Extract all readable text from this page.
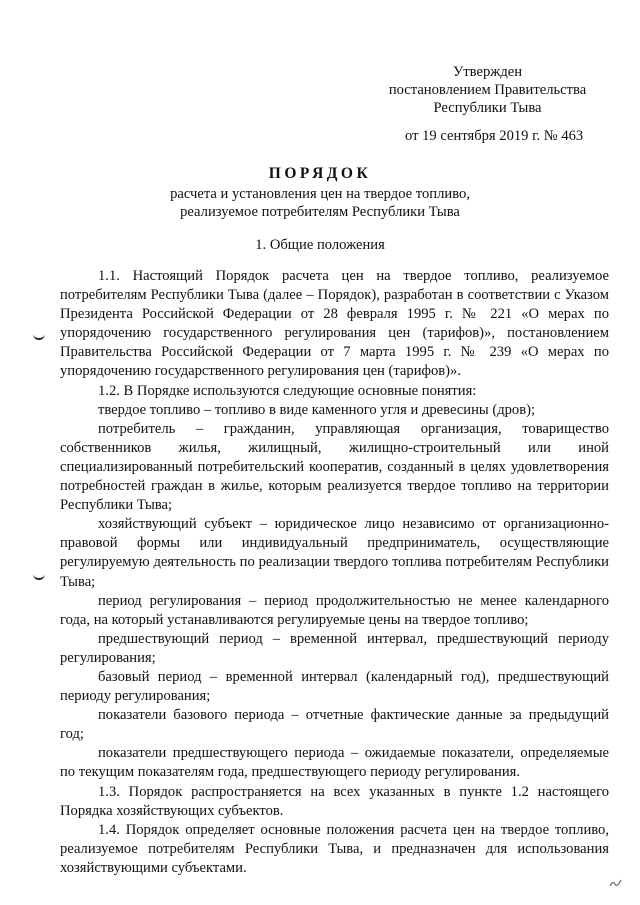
Утвержден
постановлением Правительства
Республики Тыва
от 19 сентября 2019 г. № 463
ПОРЯДОК
расчета и установления цен на твердое топливо, реализуемое потребителям Республики Тыва
1. Общие положения

1.1. Настоящий Порядок расчета цен на твердое топливо, реализуемое потребителям Республики Тыва (далее – Порядок), разработан в соответствии с Указом Президента Российской Федерации от 28 февраля 1995 г. № 221 «О мерах по упорядочению государственного регулирования цен (тарифов)», постановлением Правительства Российской Федерации от 7 марта 1995 г. № 239 «О мерах по упорядочению государственного регулирования цен (тарифов)».

1.2. В Порядке используются следующие основные понятия:

твердое топливо – топливо в виде каменного угля и древесины (дров);

потребитель – гражданин, управляющая организация, товарищество собственников жилья, жилищный, жилищно-строительный или иной специализированный потребительский кооператив, созданный в целях удовлетворения потребностей граждан в жилье, которым реализуется твердое топливо на территории Республики Тыва;

хозяйствующий субъект – юридическое лицо независимо от организационно-правовой формы или индивидуальный предприниматель, осуществляющие регулируемую деятельность по реализации твердого топлива потребителям Республики Тыва;

период регулирования – период продолжительностью не менее календарного года, на который устанавливаются регулируемые цены на твердое топливо;

предшествующий период – временной интервал, предшествующий периоду регулирования;

базовый период – временной интервал (календарный год), предшествующий периоду регулирования;

показатели базового периода – отчетные фактические данные за предыдущий год;

показатели предшествующего периода – ожидаемые показатели, определяемые по текущим показателям года, предшествующего периоду регулирования.

1.3. Порядок распространяется на всех указанных в пункте 1.2 настоящего Порядка хозяйствующих субъектов.

1.4. Порядок определяет основные положения расчета цен на твердое топливо, реализуемое потребителям Республики Тыва, и предназначен для использования хозяйствующими субъектами.
